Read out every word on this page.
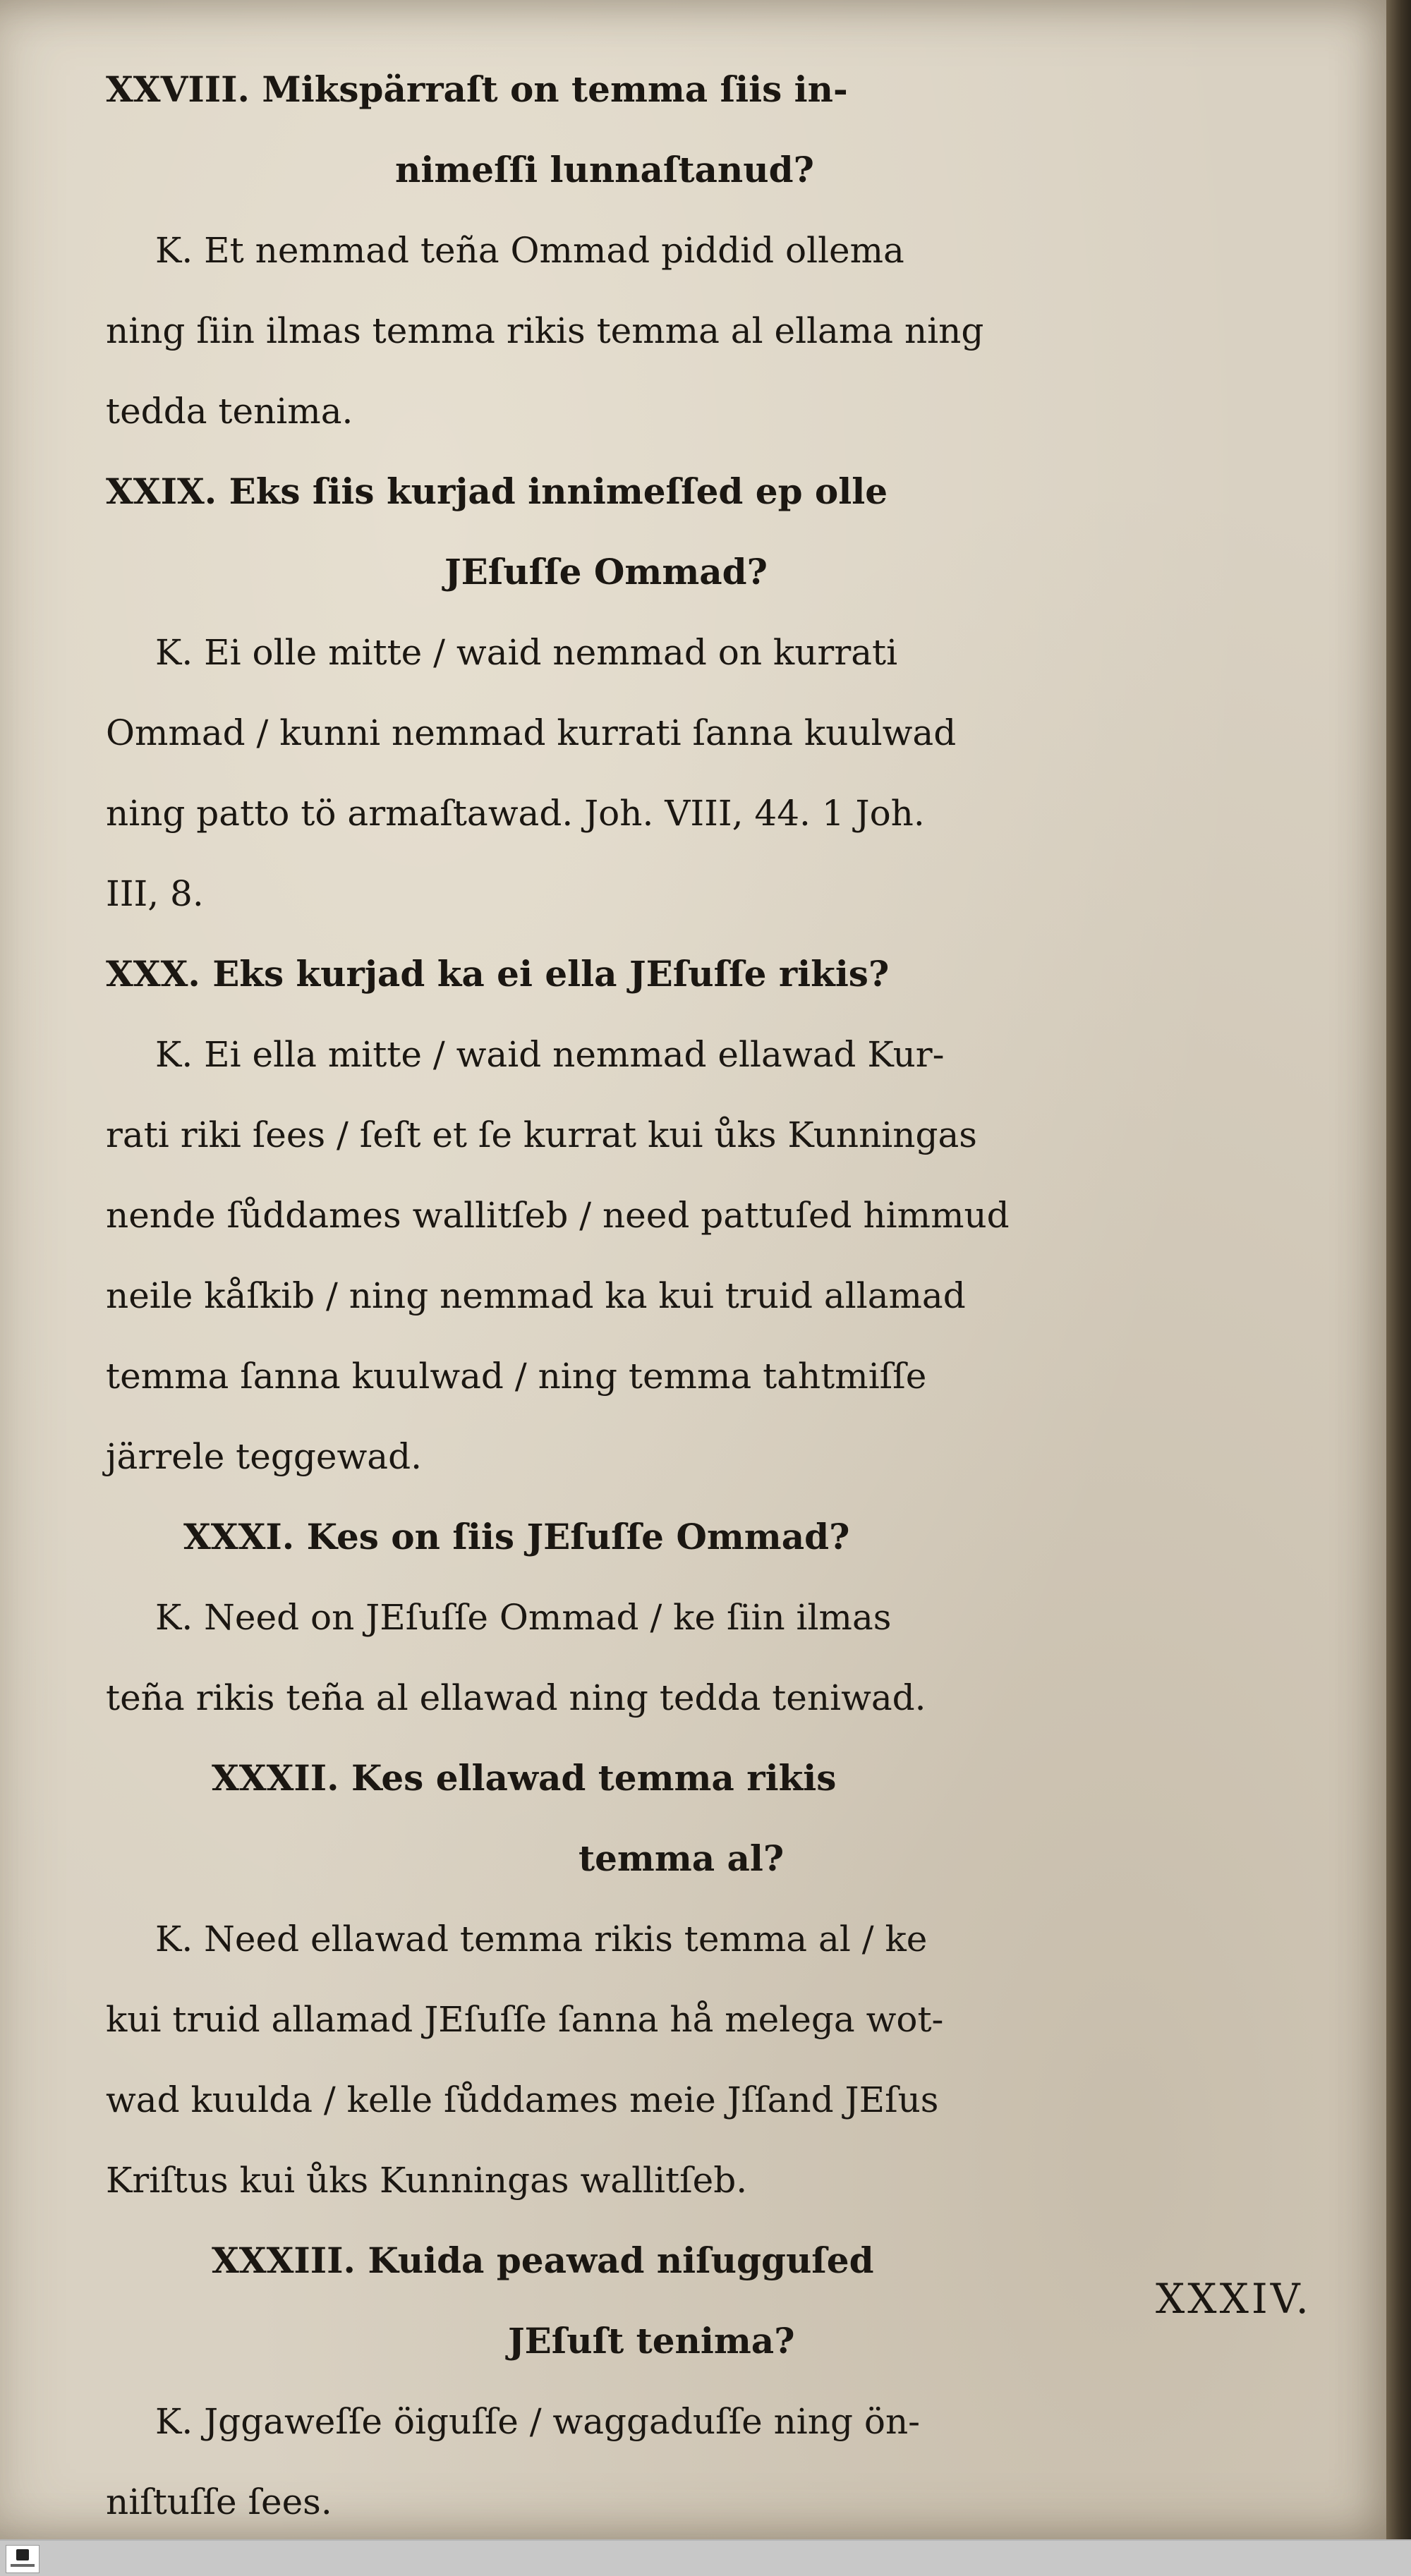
XXVIII. Mikspärraſt on temma ſiis in-
nimeſſi lunnaſtanud?
K. Et nemmad teña Ommad piddid ollema
ning ſiin ilmas temma rikis temma al ellama ning
tedda tenima.
XXIX. Eks ſiis kurjad innimeſſed ep olle
JEſuſſe Ommad?
K. Ei olle mitte / waid nemmad on kurrati
Ommad / kunni nemmad kurrati ſanna kuulwad
ning patto tö armaſtawad. Joh. VIII, 44. 1 Joh.
III, 8.
XXX. Eks kurjad ka ei ella JEſuſſe rikis?
K. Ei ella mitte / waid nemmad ellawad Kur-
rati riki ſees / ſeſt et ſe kurrat kui ůks Kunningas
nende ſůddames wallitſeb / need pattuſed himmud
neile kåſkib / ning nemmad ka kui truid allamad
temma ſanna kuulwad / ning temma tahtmiſſe
järrele teggewad.
XXXI. Kes on ſiis JEſuſſe Ommad?
K. Need on JEſuſſe Ommad / ke ſiin ilmas
teña rikis teña al ellawad ning tedda teniwad.
XXXII. Kes ellawad temma rikis
temma al?
K. Need ellawad temma rikis temma al / ke
kui truid allamad JEſuſſe ſanna hå melega wot-
wad kuulda / kelle ſůddames meie Jſſand JEſus
Kriſtus kui ůks Kunningas wallitſeb.
XXXIII. Kuida peawad niſugguſed
JEſuſt tenima?
K. Jggaweſſe öiguſſe / waggaduſſe ning ön-
niſtuſſe ſees.
XXXIV.
